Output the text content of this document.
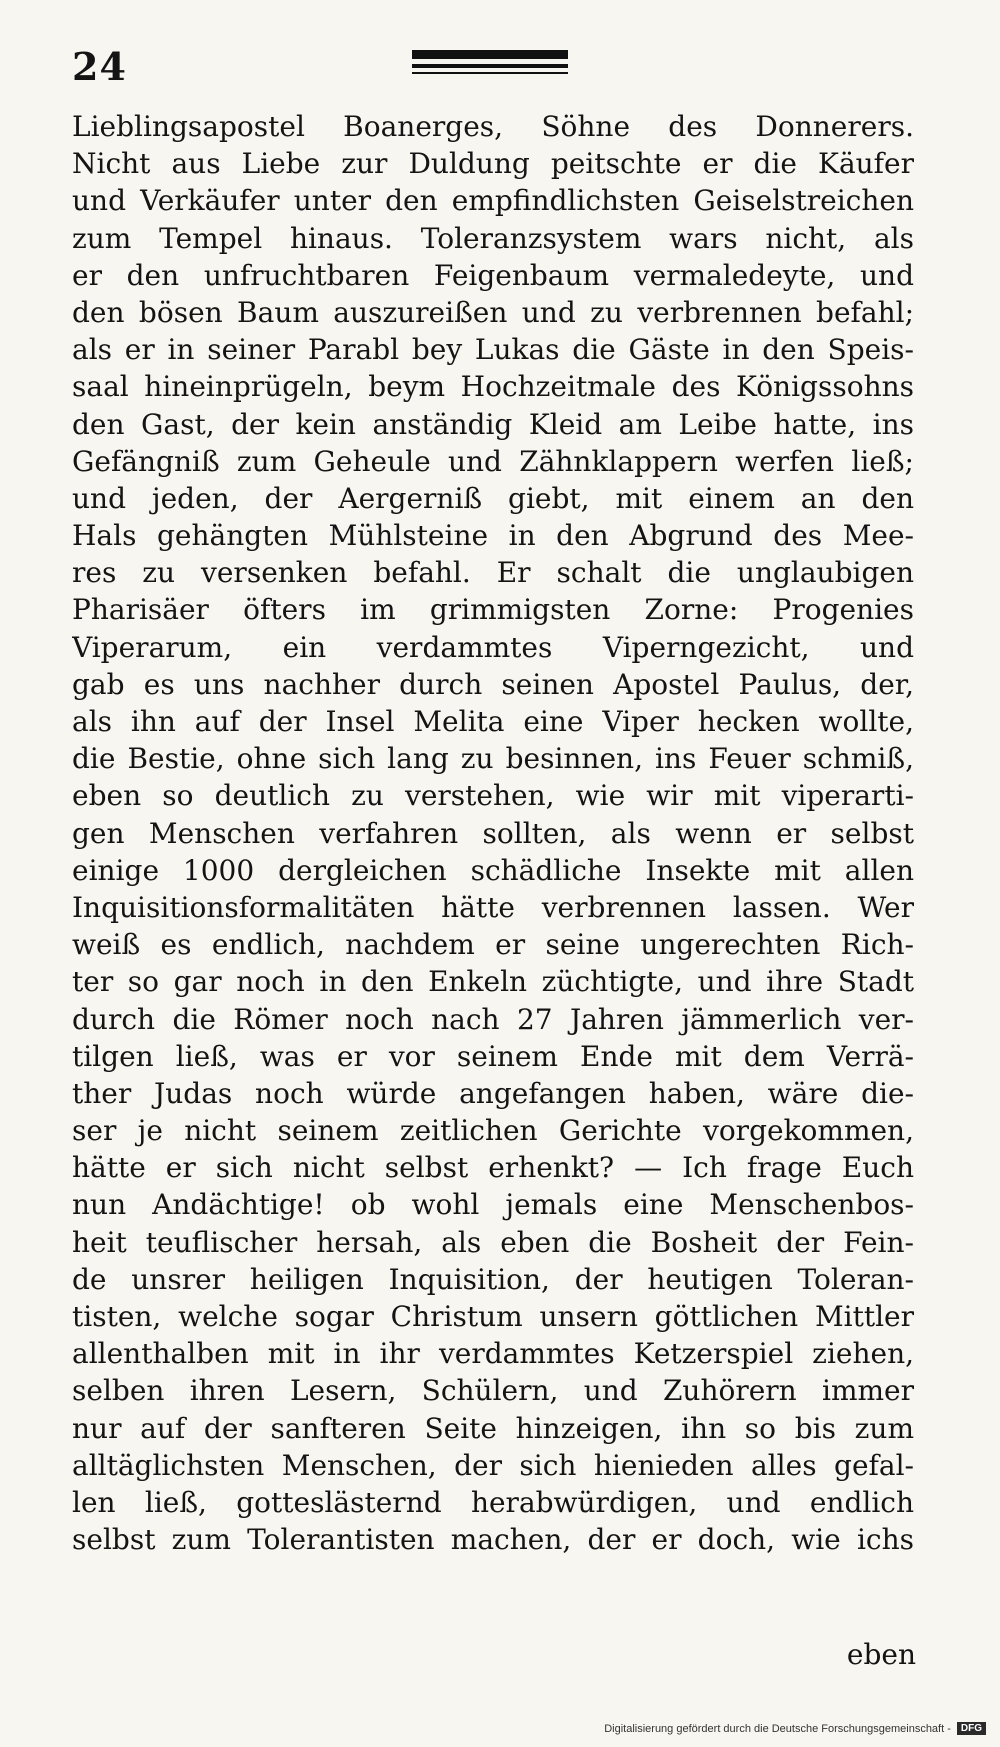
24
Lieblingsapostel Boanerges, Söhne des Donnerers.
Nicht aus Liebe zur Duldung peitschte er die Käufer
und Verkäufer unter den empfindlichsten Geiselstreichen
zum Tempel hinaus. Toleranzsystem wars nicht, als
er den unfruchtbaren Feigenbaum vermaledeyte, und
den bösen Baum auszureißen und zu verbrennen befahl;
als er in seiner Parabl bey Lukas die Gäste in den Speis-
saal hineinprügeln, beym Hochzeitmale des Königssohns
den Gast, der kein anständig Kleid am Leibe hatte, ins
Gefängniß zum Geheule und Zähnklappern werfen ließ;
und jeden, der Aergerniß giebt, mit einem an den
Hals gehängten Mühlsteine in den Abgrund des Mee-
res zu versenken befahl. Er schalt die unglaubigen
Pharisäer öfters im grimmigsten Zorne: Progenies
Viperarum, ein verdammtes Viperngezicht, und
gab es uns nachher durch seinen Apostel Paulus, der,
als ihn auf der Insel Melita eine Viper hecken wollte,
die Bestie, ohne sich lang zu besinnen, ins Feuer schmiß,
eben so deutlich zu verstehen, wie wir mit viperarti-
gen Menschen verfahren sollten, als wenn er selbst
einige 1000 dergleichen schädliche Insekte mit allen
Inquisitionsformalitäten hätte verbrennen lassen. Wer
weiß es endlich, nachdem er seine ungerechten Rich-
ter so gar noch in den Enkeln züchtigte, und ihre Stadt
durch die Römer noch nach 27 Jahren jämmerlich ver-
tilgen ließ, was er vor seinem Ende mit dem Verrä-
ther Judas noch würde angefangen haben, wäre die-
ser je nicht seinem zeitlichen Gerichte vorgekommen,
hätte er sich nicht selbst erhenkt? — Ich frage Euch
nun Andächtige! ob wohl jemals eine Menschenbos-
heit teuflischer hersah, als eben die Bosheit der Fein-
de unsrer heiligen Inquisition, der heutigen Toleran-
tisten, welche sogar Christum unsern göttlichen Mittler
allenthalben mit in ihr verdammtes Ketzerspiel ziehen,
selben ihren Lesern, Schülern, und Zuhörern immer
nur auf der sanfteren Seite hinzeigen, ihn so bis zum
alltäglichsten Menschen, der sich hienieden alles gefal-
len ließ, gotteslästernd herabwürdigen, und endlich
selbst zum Tolerantisten machen, der er doch, wie ichs
eben
Digitalisierung gefördert durch die Deutsche Forschungsgemeinschaft -	DFG
